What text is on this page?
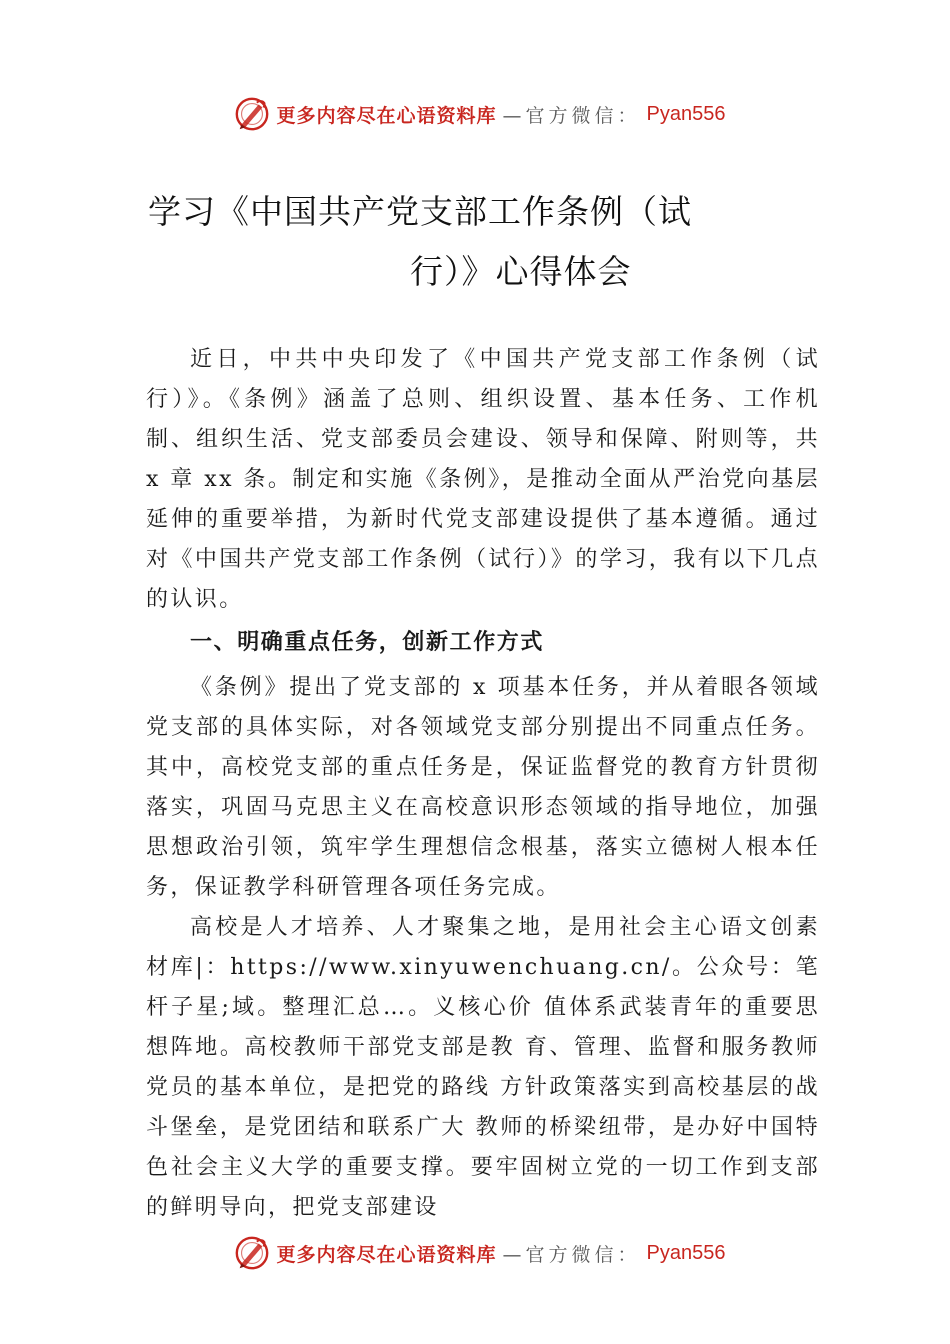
更多内容尽在心语资料库 —官方微信： Pyan556
学习《中国共产党支部工作条例（试
行）》心得体会

近日，中共中央印发了《中国共产党支部工作条例（试行）》。《条例》涵盖了总则、组织设置、基本任务、工作机制、组织生活、党支部委员会建设、领导和保障、附则等，共 x 章 xx 条。制定和实施《条例》，是推动全面从严治党向基层延伸的重要举措，为新时代党支部建设提供了基本遵循。通过对《中国共产党支部工作条例（试行）》的学习，我有以下几点的认识。

一、明确重点任务，创新工作方式

《条例》提出了党支部的 x 项基本任务，并从着眼各领域党支部的具体实际，对各领域党支部分别提出不同重点任务。其中，高校党支部的重点任务是，保证监督党的教育方针贯彻落实，巩固马克思主义在高校意识形态领域的指导地位，加强思想政治引领，筑牢学生理想信念根基，落实立德树人根本任务，保证教学科研管理各项任务完成。

高校是人才培养、人才聚集之地，是用社会主心语文创素材库|：https://www.xinyuwenchuang.cn/。公众号：笔杆子星;域。整理汇总…。义核心价 值体系武装青年的重要思想阵地。高校教师干部党支部是教 育、管理、监督和服务教师党员的基本单位，是把党的路线 方针政策落实到高校基层的战斗堡垒，是党团结和联系广大 教师的桥梁纽带，是办好中国特色社会主义大学的重要支撑。要牢固树立党的一切工作到支部的鲜明导向，把党支部建设

更多内容尽在心语资料库 —官方微信： Pyan556
